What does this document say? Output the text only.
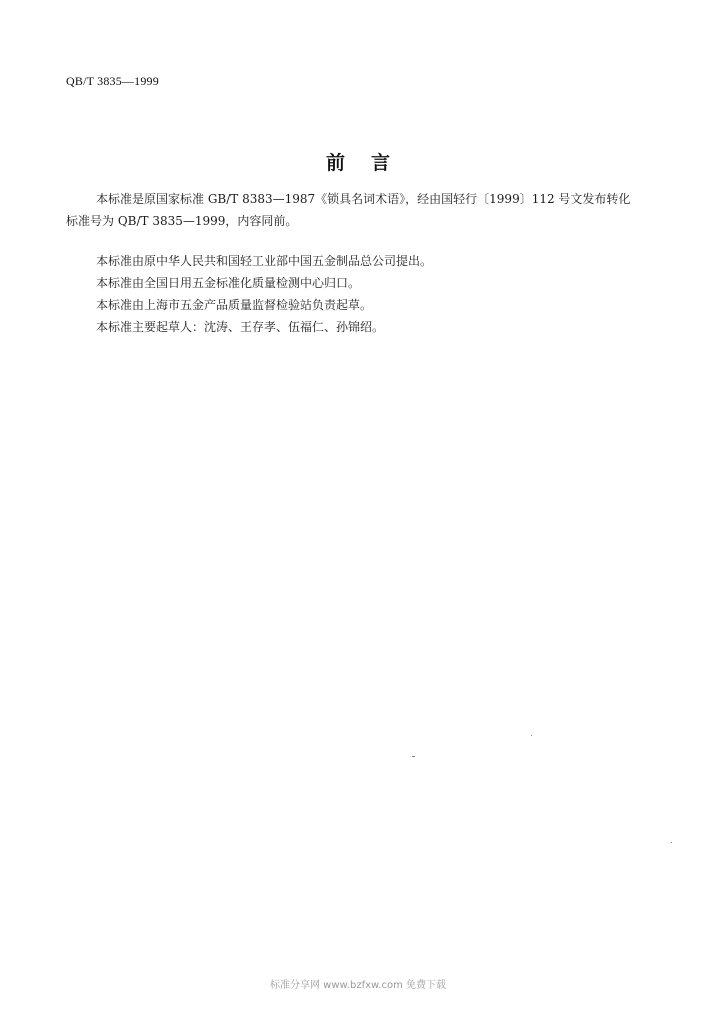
QB/T 3835—1999
前言
本标准是原国家标准 GB/T 8383—1987《锁具名词术语》，经由国轻行〔1999〕112 号文发布转化
标准号为 QB/T 3835—1999，内容同前。
本标准由原中华人民共和国轻工业部中国五金制品总公司提出。
本标准由全国日用五金标准化质量检测中心归口。
本标准由上海市五金产品质量监督检验站负责起草。
本标准主要起草人：沈涛、王存孝、伍福仁、孙锦绍。
标准分享网 www.bzfxw.com 免费下载
